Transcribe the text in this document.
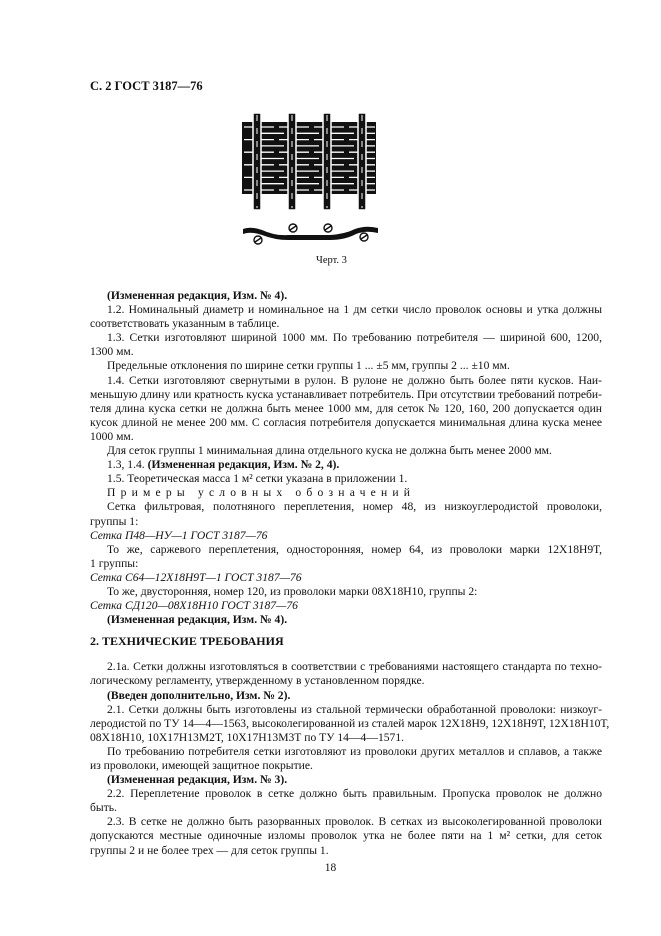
С. 2 ГОСТ 3187—76
Черт. 3
(Измененная редакция, Изм. № 4).
1.2. Номинальный диаметр и номинальное на 1 дм сетки число проволок основы и утка должны
соответствовать указанным в таблице.
1.3. Сетки изготовляют шириной 1000 мм. По требованию потребителя — шириной 600, 1200,
1300 мм.
Предельные отклонения по ширине сетки группы 1 ... ±5 мм, группы 2 ... ±10 мм.
1.4. Сетки изготовляют свернутыми в рулон. В рулоне не должно быть более пяти кусков. Наи-
меньшую длину или кратность куска устанавливает потребитель. При отсутствии требований потреби-
теля длина куска сетки не должна быть менее 1000 мм, для сеток № 120, 160, 200 допускается один
кусок длиной не менее 200 мм. С согласия потребителя допускается минимальная длина куска менее
1000 мм.
Для сеток группы 1 минимальная длина отдельного куска не должна быть менее 2000 мм.
1.3, 1.4. (Измененная редакция, Изм. № 2, 4).
1.5. Теоретическая масса 1 м² сетки указана в приложении 1.
Примеры условных обозначений
Сетка фильтровая, полотняного переплетения, номер 48, из низкоуглеродистой проволоки,
группы 1:
Сетка П48—НУ—1 ГОСТ 3187—76
То же, саржевого переплетения, односторонняя, номер 64, из проволоки марки 12Х18Н9Т,
1 группы:
Сетка С64—12Х18Н9Т—1 ГОСТ 3187—76
То же, двусторонняя, номер 120, из проволоки марки 08Х18Н10, группы 2:
Сетка СД120—08Х18Н10 ГОСТ 3187—76
(Измененная редакция, Изм. № 4).
2. ТЕХНИЧЕСКИЕ ТРЕБОВАНИЯ
2.1а. Сетки должны изготовляться в соответствии с требованиями настоящего стандарта по техно-
логическому регламенту, утвержденному в установленном порядке.
(Введен дополнительно, Изм. № 2).
2.1. Сетки должны быть изготовлены из стальной термически обработанной проволоки: низкоуг-
леродистой по ТУ 14—4—1563, высоколегированной из сталей марок 12Х18Н9, 12Х18Н9Т, 12Х18Н10Т,
08Х18Н10, 10Х17Н13М2Т, 10Х17Н13М3Т по ТУ 14—4—1571.
По требованию потребителя сетки изготовляют из проволоки других металлов и сплавов, а также
из проволоки, имеющей защитное покрытие.
(Измененная редакция, Изм. № 3).
2.2. Переплетение проволок в сетке должно быть правильным. Пропуска проволок не должно
быть.
2.3. В сетке не должно быть разорванных проволок. В сетках из высоколегированной проволоки
допускаются местные одиночные изломы проволок утка не более пяти на 1 м² сетки, для сеток
группы 2 и не более трех — для сеток группы 1.
18
